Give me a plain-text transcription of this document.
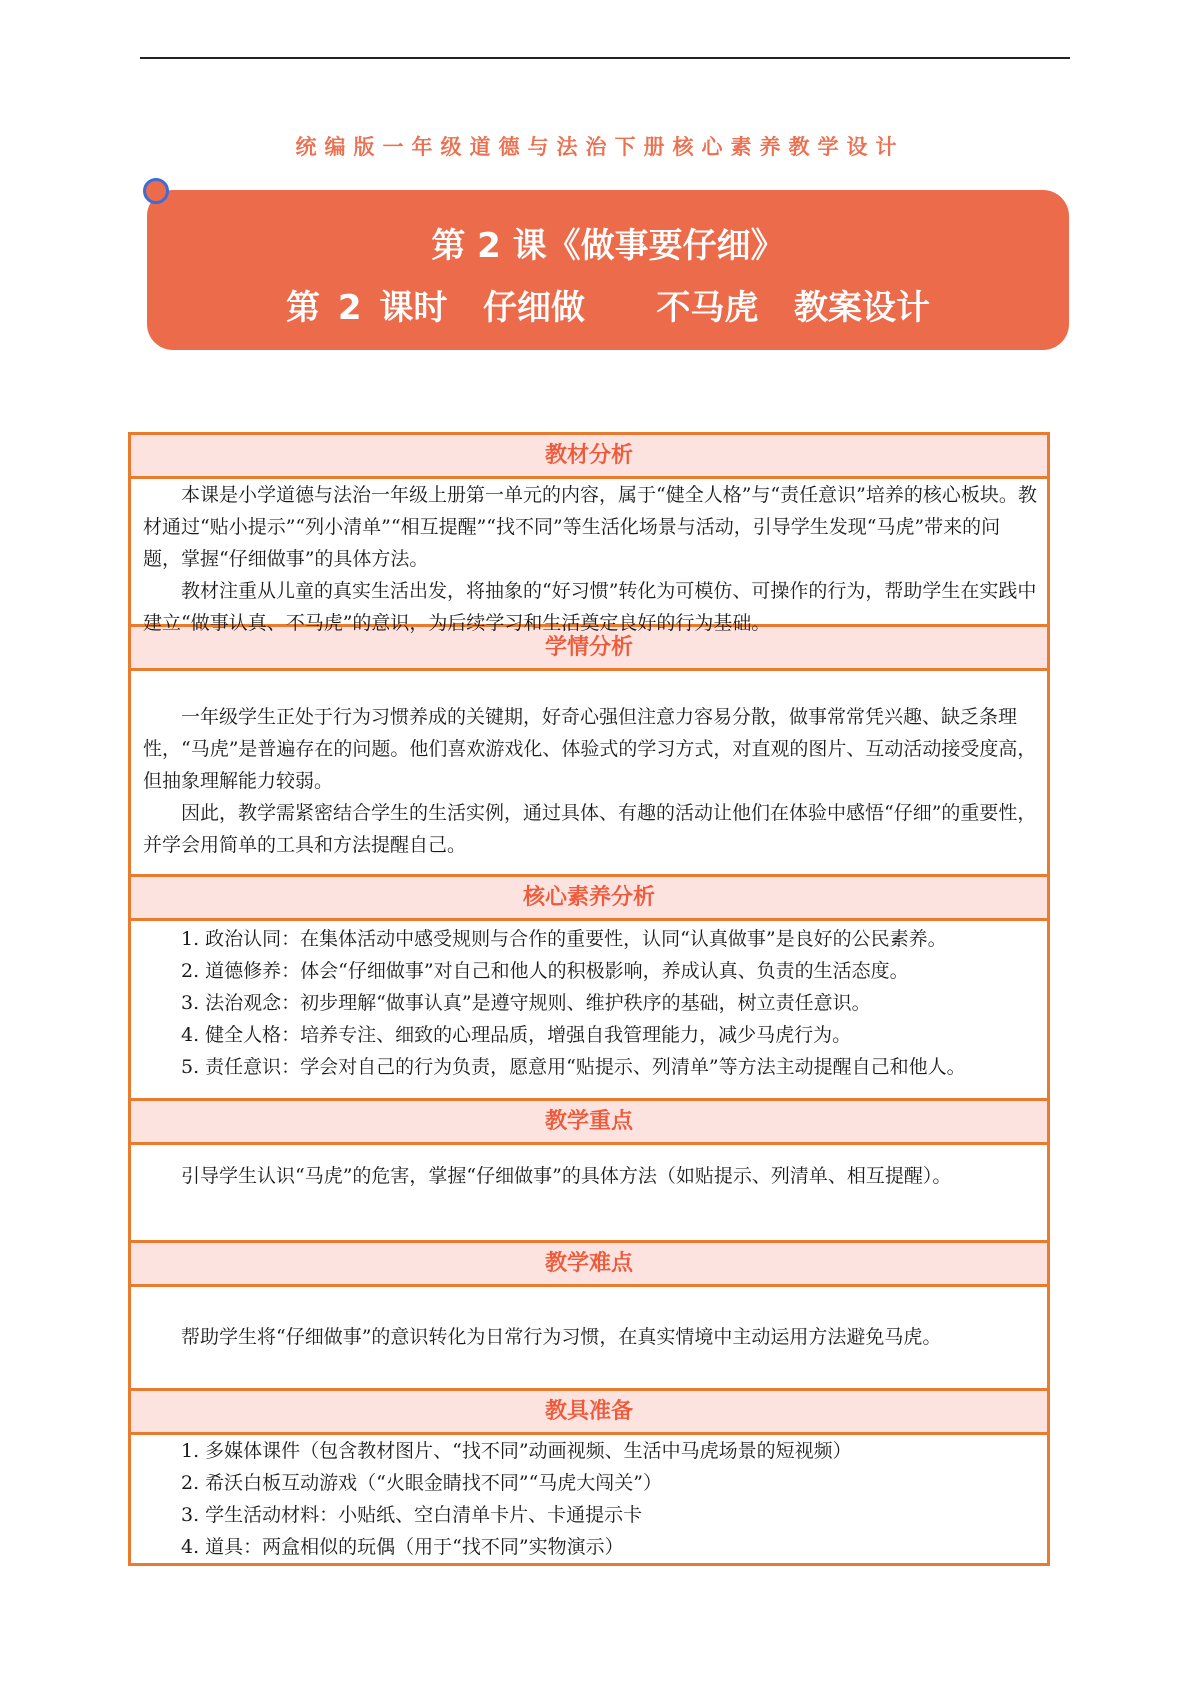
统编版一年级道德与法治下册核心素养教学设计
第 2 课《做事要仔细》
第 2 课时  仔细做    不马虎  教案设计
教材分析

本课是小学道德与法治一年级上册第一单元的内容，属于“健全人格”与“责任意识”培养的核心板块。教材通过“贴小提示”“列小清单”“相互提醒”“找不同”等生活化场景与活动，引导学生发现“马虎”带来的问题，掌握“仔细做事”的具体方法。

教材注重从儿童的真实生活出发，将抽象的“好习惯”转化为可模仿、可操作的行为，帮助学生在实践中建立“做事认真、不马虎”的意识，为后续学习和生活奠定良好的行为基础。

学情分析

一年级学生正处于行为习惯养成的关键期，好奇心强但注意力容易分散，做事常常凭兴趣、缺乏条理性，“马虎”是普遍存在的问题。他们喜欢游戏化、体验式的学习方式，对直观的图片、互动活动接受度高，但抽象理解能力较弱。

因此，教学需紧密结合学生的生活实例，通过具体、有趣的活动让他们在体验中感悟“仔细”的重要性，并学会用简单的工具和方法提醒自己。

核心素养分析

1. 政治认同：在集体活动中感受规则与合作的重要性，认同“认真做事”是良好的公民素养。

2. 道德修养：体会“仔细做事”对自己和他人的积极影响，养成认真、负责的生活态度。

3. 法治观念：初步理解“做事认真”是遵守规则、维护秩序的基础，树立责任意识。

4. 健全人格：培养专注、细致的心理品质，增强自我管理能力，减少马虎行为。

5. 责任意识：学会对自己的行为负责，愿意用“贴提示、列清单”等方法主动提醒自己和他人。

教学重点

引导学生认识“马虎”的危害，掌握“仔细做事”的具体方法（如贴提示、列清单、相互提醒）。

教学难点

帮助学生将“仔细做事”的意识转化为日常行为习惯，在真实情境中主动运用方法避免马虎。

教具准备

1. 多媒体课件（包含教材图片、“找不同”动画视频、生活中马虎场景的短视频）

2. 希沃白板互动游戏（“火眼金睛找不同”“马虎大闯关”）

3. 学生活动材料：小贴纸、空白清单卡片、卡通提示卡

4. 道具：两盒相似的玩偶（用于“找不同”实物演示）
